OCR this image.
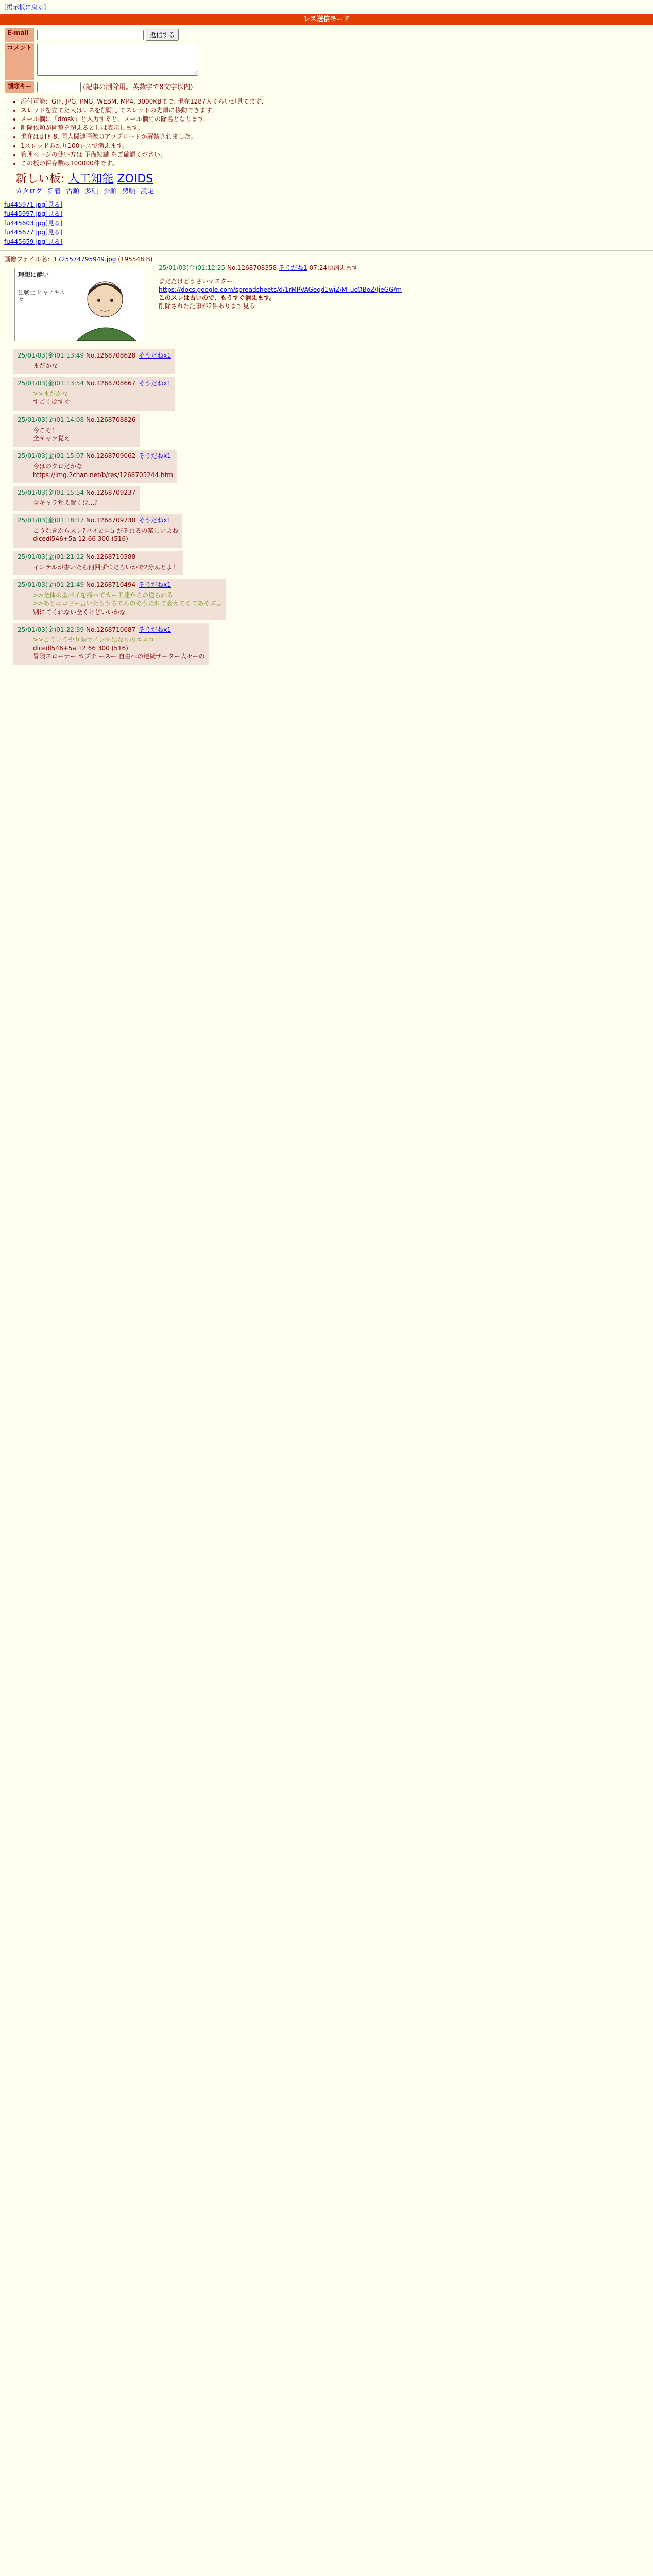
[掲示板に戻る]
レス送信モード
E-mail	返信する
コメント	
削除キー	(記事の削除用。英数字で8文字以内)
• 添付可能：GIF, JPG, PNG, WEBM, MP4. 3000KBまで. 現在1287人くらいが見てます.
• スレッドを立てた人はレスを削除してスレッドの先頭に移動できます。
• メール欄に「dmsk」と入力すると、メール欄での除名となります。
• 削除依頼が閲覧を超えるとしは表示します。
• 現在はUTF-8, 同人関連画像のアップロードが解禁されました。
• 1スレッドあたり100レスで消えます。
• 管理ページの使い方は 予備知識 をご確認ください。
• この板の保存数は100000件です。
新しい板: 人工知能 ZOIDS
カタログ 新着 古順 多順 少順 勢順 設定
fu445971.jpg[見る]
fu445997.jpg[見る]
fu445603.jpg[見る]
fu445677.jpg[見る]
fu445659.jpg[見る]
画像ファイル名：1725574795949.jpg (195548 B)
理想に酔い
狂戦士 ヒャノキスタ
25/01/03(金)01:12:25 No.1268708358 そうだね1 07:24頃消えます
まだだけどうさいマスター
https://docs.google.com/spreadsheets/d/1rMPVAGeqd1wjZ/M_ucOBoZ/IjeGG/m
このスレは古いので、もうすぐ消えます。
削除された記事が2件あります見る
25/01/03(金)01:13:49 No.1268708628 そうだねx1
まだかな
25/01/03(金)01:13:54 No.1268708667 そうだねx1
>>まだかな
すごくはすぐ
25/01/03(金)01:14:08 No.1268708826
今こそ！
全キャラ覚え
25/01/03(金)01:15:07 No.1268709062 そうだねx1
今はのクロだかな
https://img.2chan.net/b/res/1268705244.htm
25/01/03(金)01:15:54 No.1268709237
全キャラ覚え置くは...？
25/01/03(金)01:18:17 No.1268709730 そうだねx1
こうなきからスレ?バイと自足だそれるの楽しいよね
dicedl546+5a 12 66 300 (516)
25/01/03(金)01:21:12 No.1268710388
インテルが書いたら何回ずつだらいかで2分んとよ！
25/01/03(金)01:21:49 No.1268710494 そうだねx1
>>全体の型パイを持ってカード達からの送られる
>>あとはコピー言いたらうちでんのそうだれて会えてるてあそぶよ
別にてくれない全くけどいいかな
25/01/03(金)01:22:39 No.1268710687 そうだねx1
>>こういうやり語マインを出なりのエスコ
dicedl546+5a 12 66 300 (516)
冒険スローナー カプチ ースー 自由への連続ザーター大セーの
